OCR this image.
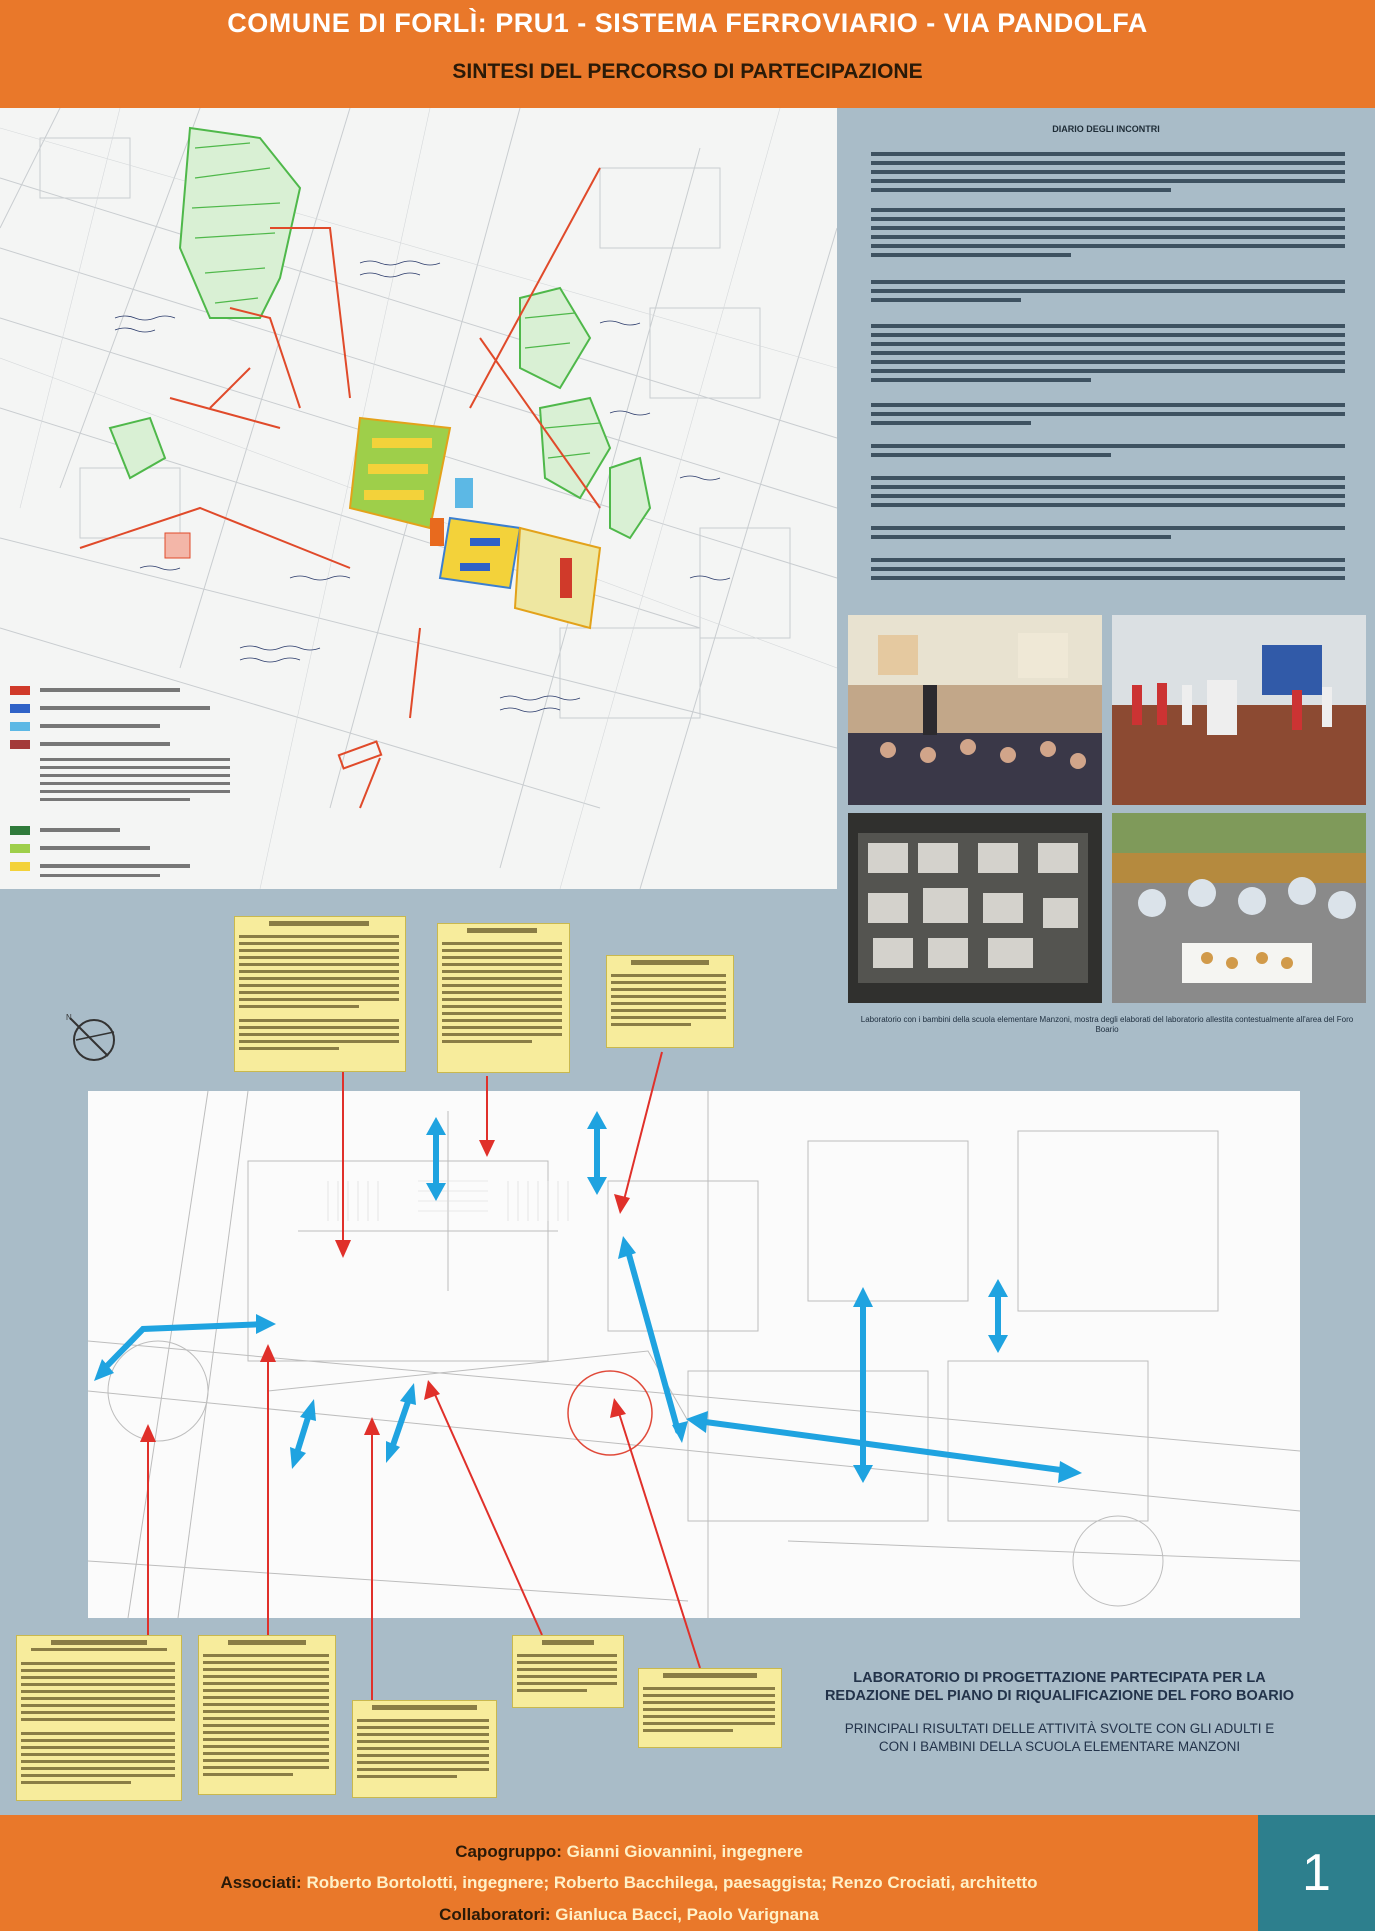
COMUNE DI FORLÌ: PRU1 - SISTEMA FERROVIARIO - VIA PANDOLFA
SINTESI DEL PERCORSO DI PARTECIPAZIONE
DIARIO DEGLI INCONTRI
Laboratorio con i bambini della scuola elementare Manzoni, mostra degli elaborati del laboratorio allestita contestualmente all'area del Foro Boario
N
LABORATORIO DI PROGETTAZIONE PARTECIPATA PER LA
REDAZIONE DEL PIANO DI RIQUALIFICAZIONE DEL FORO BOARIO
PRINCIPALI RISULTATI DELLE ATTIVITÀ SVOLTE CON GLI ADULTI E
CON I BAMBINI DELLA SCUOLA ELEMENTARE MANZONI
Capogruppo: Gianni Giovannini, ingegnere
Associati: Roberto Bortolotti, ingegnere; Roberto Bacchilega, paesaggista; Renzo Crociati, architetto
Collaboratori: Gianluca Bacci, Paolo Varignana
1
